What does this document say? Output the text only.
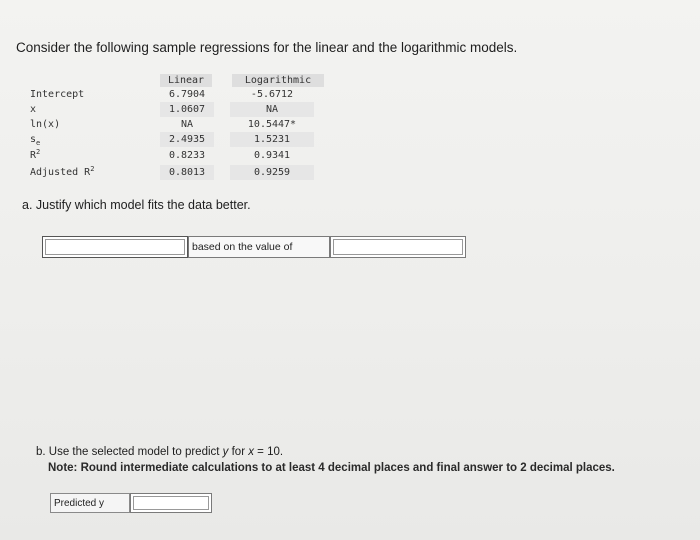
Consider the following sample regressions for the linear and the logarithmic models.
Linear	Logarithmic
Intercept	6.7904	-5.6712
x	1.0607	NA
ln(x)	NA	10.5447*
$s_e$	2.4935	1.5231
$R^2$	0.8233	0.9341
Adjusted $R^2$	0.8013	0.9259
a. Justify which model fits the data better.
based on the value of
b. Use the selected model to predict y for x = 10.
Note: Round intermediate calculations to at least 4 decimal places and final answer to 2 decimal places.
Predicted y
